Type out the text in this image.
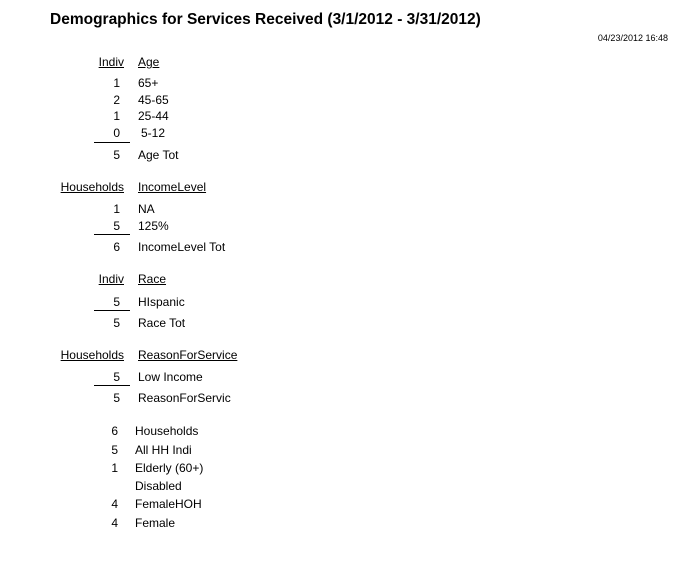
Demographics for Services Received (3/1/2012 - 3/31/2012)
04/23/2012 16:48
Indiv Age
1 65+
2 45-65
1 25-44
0 5-12
5 Age Tot
Households IncomeLevel
1 NA
5 125%
6 IncomeLevel Tot
Indiv Race
5 HIspanic
5 Race Tot
Households ReasonForService
5 Low Income
5 ReasonForServic
6 Households
5 All HH Indi
1 Elderly (60+)
Disabled
4 FemaleHOH
4 Female
